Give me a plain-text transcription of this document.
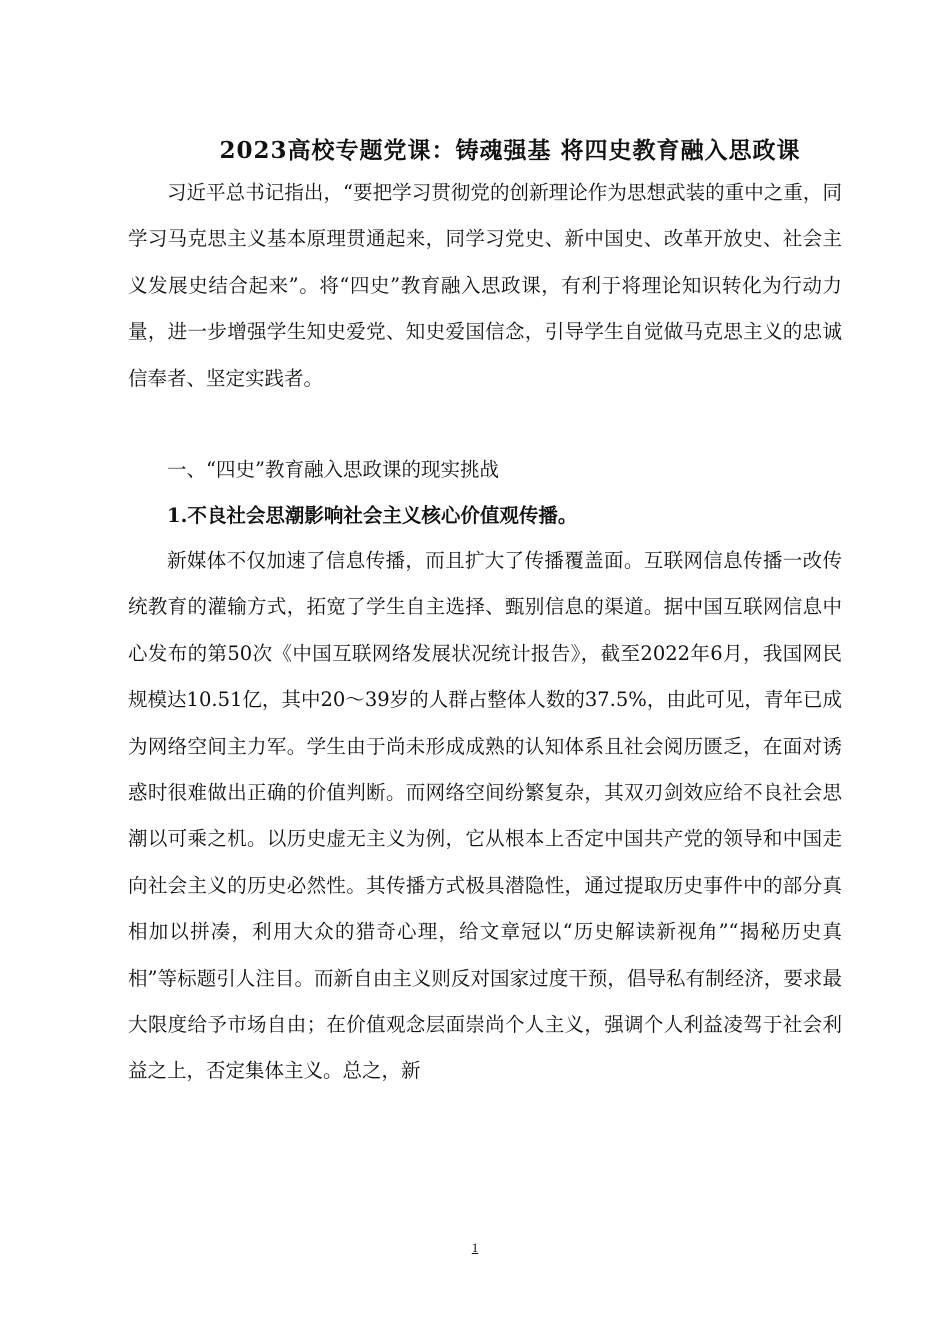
2023高校专题党课：铸魂强基 将四史教育融入思政课

习近平总书记指出，“要把学习贯彻党的创新理论作为思想武装的重中之重，同学习马克思主义基本原理贯通起来，同学习党史、新中国史、改革开放史、社会主义发展史结合起来”。将“四史”教育融入思政课，有利于将理论知识转化为行动力量，进一步增强学生知史爱党、知史爱国信念，引导学生自觉做马克思主义的忠诚信奉者、坚定实践者。

一、“四史”教育融入思政课的现实挑战
1.不良社会思潮影响社会主义核心价值观传播。

新媒体不仅加速了信息传播，而且扩大了传播覆盖面。互联网信息传播一改传统教育的灌输方式，拓宽了学生自主选择、甄别信息的渠道。据中国互联网信息中心发布的第50次《中国互联网络发展状况统计报告》，截至2022年6月，我国网民规模达10.51亿，其中20～39岁的人群占整体人数的37.5%，由此可见，青年已成为网络空间主力军。学生由于尚未形成成熟的认知体系且社会阅历匮乏，在面对诱惑时很难做出正确的价值判断。而网络空间纷繁复杂，其双刃剑效应给不良社会思潮以可乘之机。以历史虚无主义为例，它从根本上否定中国共产党的领导和中国走向社会主义的历史必然性。其传播方式极具潜隐性，通过提取历史事件中的部分真相加以拼凑，利用大众的猎奇心理，给文章冠以“历史解读新视角”“揭秘历史真相”等标题引人注目。而新自由主义则反对国家过度干预，倡导私有制经济，要求最大限度给予市场自由；在价值观念层面崇尚个人主义，强调个人利益凌驾于社会利益之上，否定集体主义。总之，新

1
